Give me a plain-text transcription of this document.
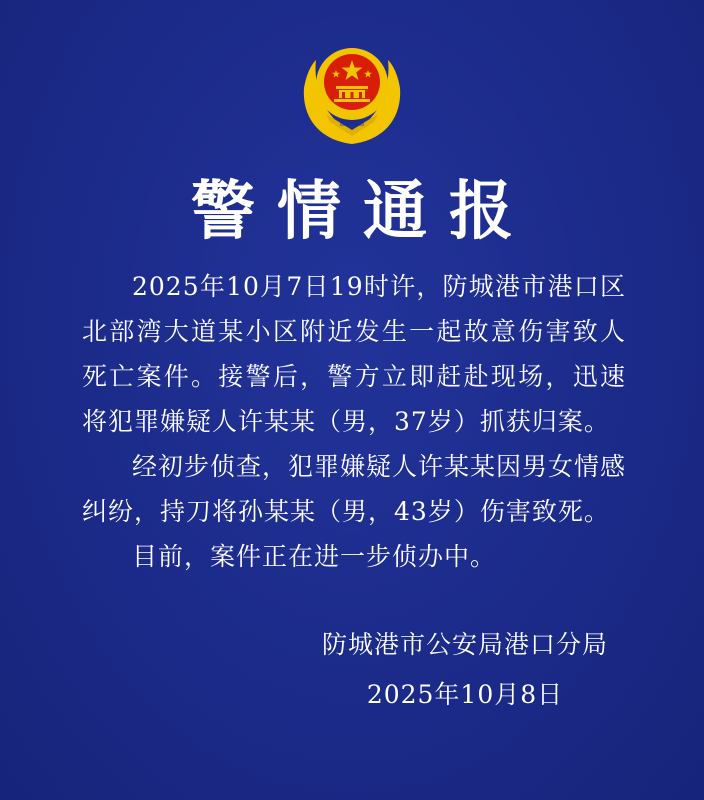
警情通报

2025年10月7日19时许，防城港市港口区北部湾大道某小区附近发生一起故意伤害致人死亡案件。接警后，警方立即赶赴现场，迅速将犯罪嫌疑人许某某（男，37岁）抓获归案。

经初步侦查，犯罪嫌疑人许某某因男女情感纠纷，持刀将孙某某（男，43岁）伤害致死。

目前，案件正在进一步侦办中。

防城港市公安局港口分局
2025年10月8日
